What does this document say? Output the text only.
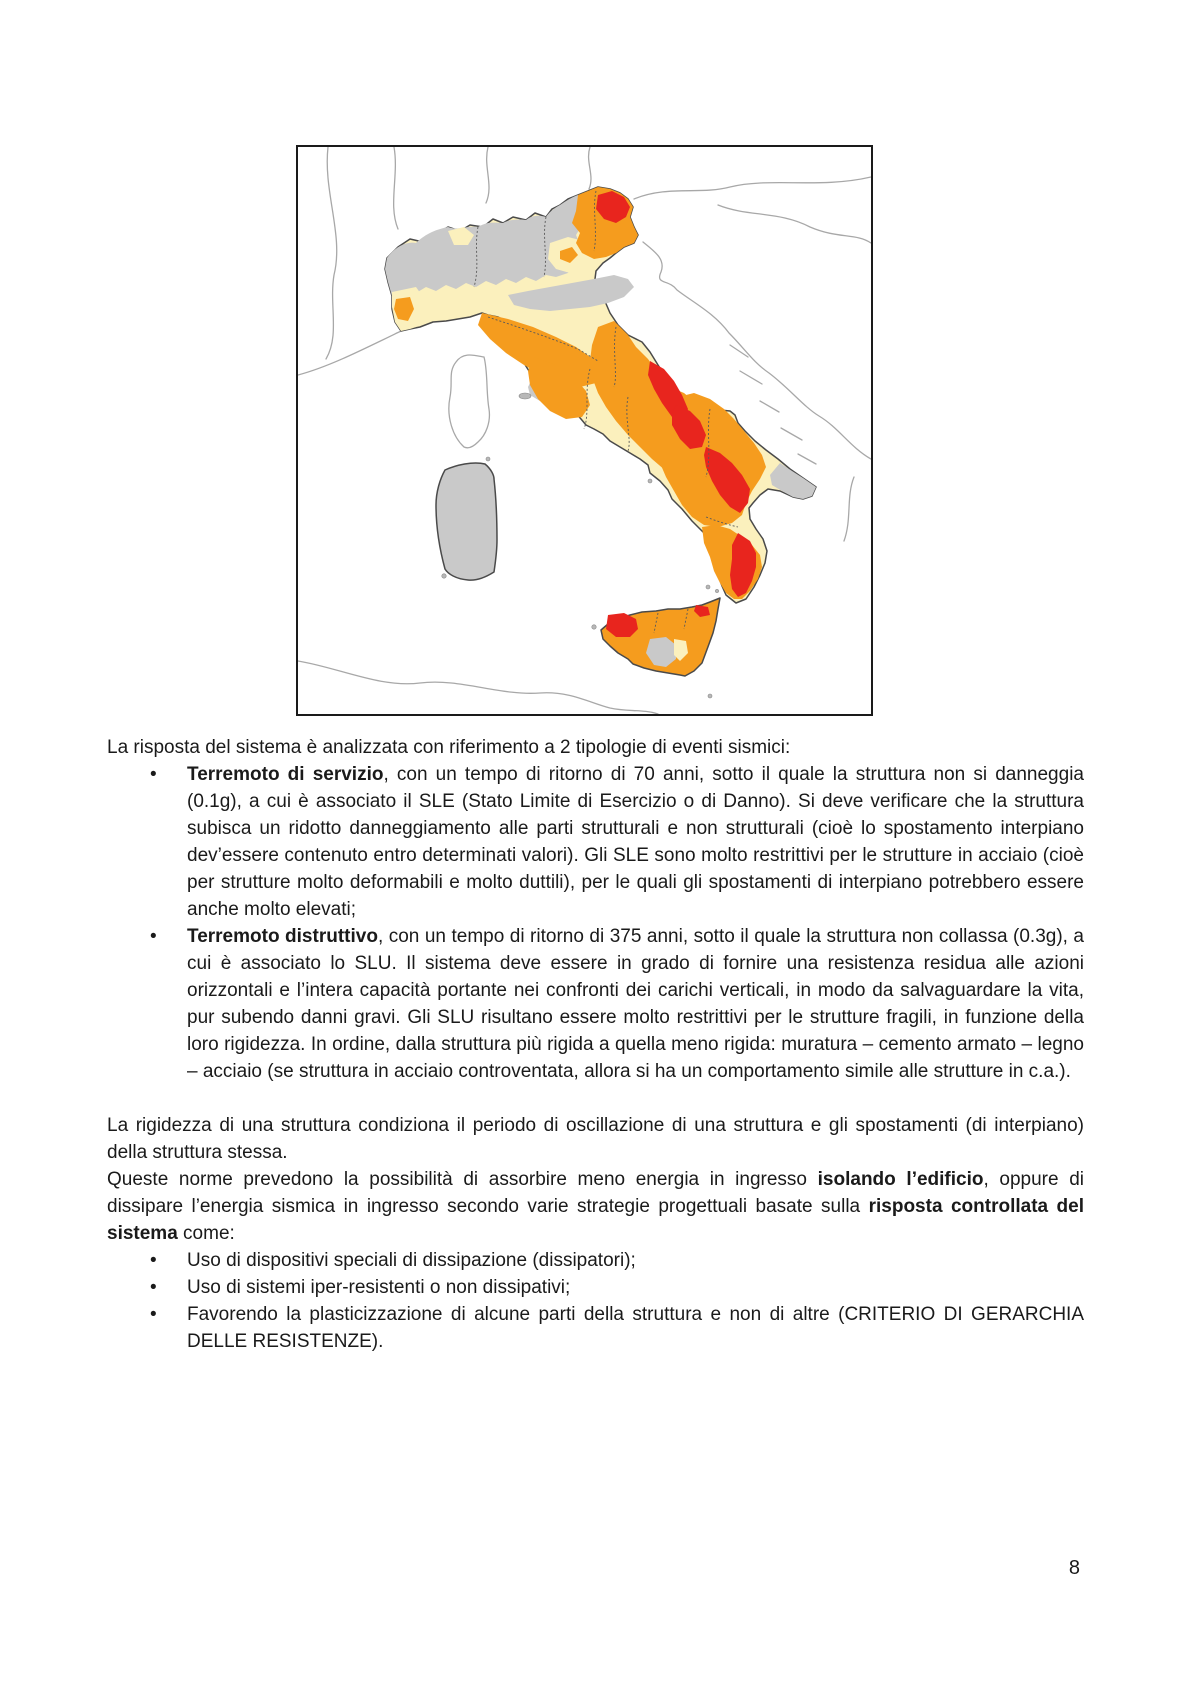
La risposta del sistema è analizzata con riferimento a 2 tipologie di eventi sismici:

• Terremoto di servizio, con un tempo di ritorno di 70 anni, sotto il quale la struttura non si danneggia (0.1g), a cui è associato il SLE (Stato Limite di Esercizio o di Danno). Si deve verificare che la struttura subisca un ridotto danneggiamento alle parti strutturali e non strutturali (cioè lo spostamento interpiano dev’essere contenuto entro determinati valori). Gli SLE sono molto restrittivi per le strutture in acciaio (cioè per strutture molto deformabili e molto duttili), per le quali gli spostamenti di interpiano potrebbero essere anche molto elevati;
• Terremoto distruttivo, con un tempo di ritorno di 375 anni, sotto il quale la struttura non collassa (0.3g), a cui è associato lo SLU. Il sistema deve essere in grado di fornire una resistenza residua alle azioni orizzontali e l’intera capacità portante nei confronti dei carichi verticali, in modo da salvaguardare la vita, pur subendo danni gravi. Gli SLU risultano essere molto restrittivi per le strutture fragili, in funzione della loro rigidezza. In ordine, dalla struttura più rigida a quella meno rigida: muratura – cemento armato – legno – acciaio (se struttura in acciaio controventata, allora si ha un comportamento simile alle strutture in c.a.).

La rigidezza di una struttura condiziona il periodo di oscillazione di una struttura e gli spostamenti (di interpiano) della struttura stessa.

Queste norme prevedono la possibilità di assorbire meno energia in ingresso isolando l’edificio, oppure di dissipare l’energia sismica in ingresso secondo varie strategie progettuali basate sulla risposta controllata del sistema come:

• Uso di dispositivi speciali di dissipazione (dissipatori);
• Uso di sistemi iper-resistenti o non dissipativi;
• Favorendo la plasticizzazione di alcune parti della struttura e non di altre (CRITERIO DI GERARCHIA DELLE RESISTENZE).
8
